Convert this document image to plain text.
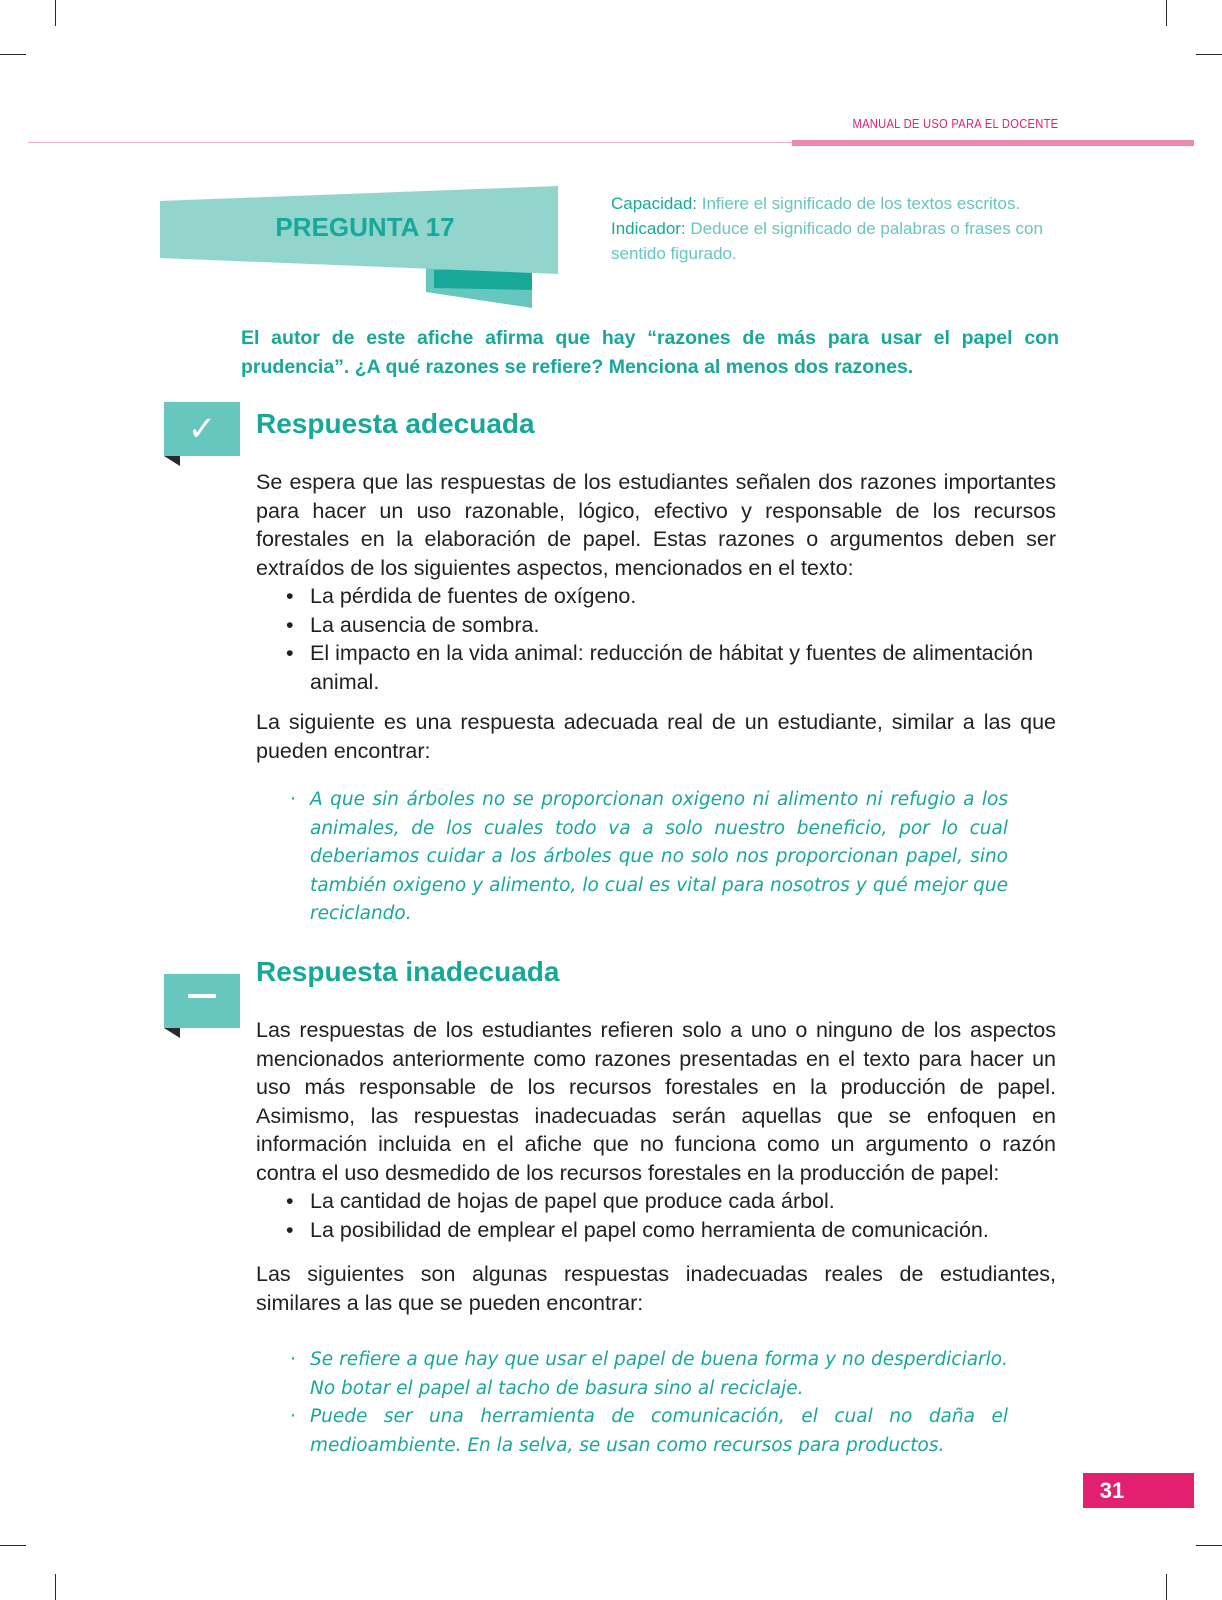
MANUAL DE USO PARA EL DOCENTE
PREGUNTA 17
Capacidad: Infiere el significado de los textos escritos.
Indicador: Deduce el significado de palabras o frases con sentido figurado.
El autor de este afiche afirma que hay “razones de más para usar el papel con prudencia”. ¿A qué razones se refiere? Menciona al menos dos razones.
✓	Respuesta adecuada

Se espera que las respuestas de los estudiantes señalen dos razones importantes para hacer un uso razonable, lógico, efectivo y responsable de los recursos forestales en la elaboración de papel. Estas razones o argumentos deben ser extraídos de los siguientes aspectos, mencionados en el texto:

• La pérdida de fuentes de oxígeno.
• La ausencia de sombra.
• El impacto en la vida animal: reducción de hábitat y fuentes de alimentación animal.

La siguiente es una respuesta adecuada real de un estudiante, similar a las que pueden encontrar:

· A que sin árboles no se proporcionan oxigeno ni alimento ni refugio a los animales, de los cuales todo va a solo nuestro beneficio, por lo cual deberiamos cuidar a los árboles que no solo nos proporcionan papel, sino también oxigeno y alimento, lo cual es vital para nosotros y qué mejor que reciclando.
Respuesta inadecuada

Las respuestas de los estudiantes refieren solo a uno o ninguno de los aspectos mencionados anteriormente como razones presentadas en el texto para hacer un uso más responsable de los recursos forestales en la producción de papel. Asimismo, las respuestas inadecuadas serán aquellas que se enfoquen en información incluida en el afiche que no funciona como un argumento o razón contra el uso desmedido de los recursos forestales en la producción de papel:

• La cantidad de hojas de papel que produce cada árbol.
• La posibilidad de emplear el papel como herramienta de comunicación.

Las siguientes son algunas respuestas inadecuadas reales de estudiantes, similares a las que se pueden encontrar:

· Se refiere a que hay que usar el papel de buena forma y no desperdiciarlo. No botar el papel al tacho de basura sino al reciclaje.
· Puede ser una herramienta de comunicación, el cual no daña el medioambiente. En la selva, se usan como recursos para productos.
31
